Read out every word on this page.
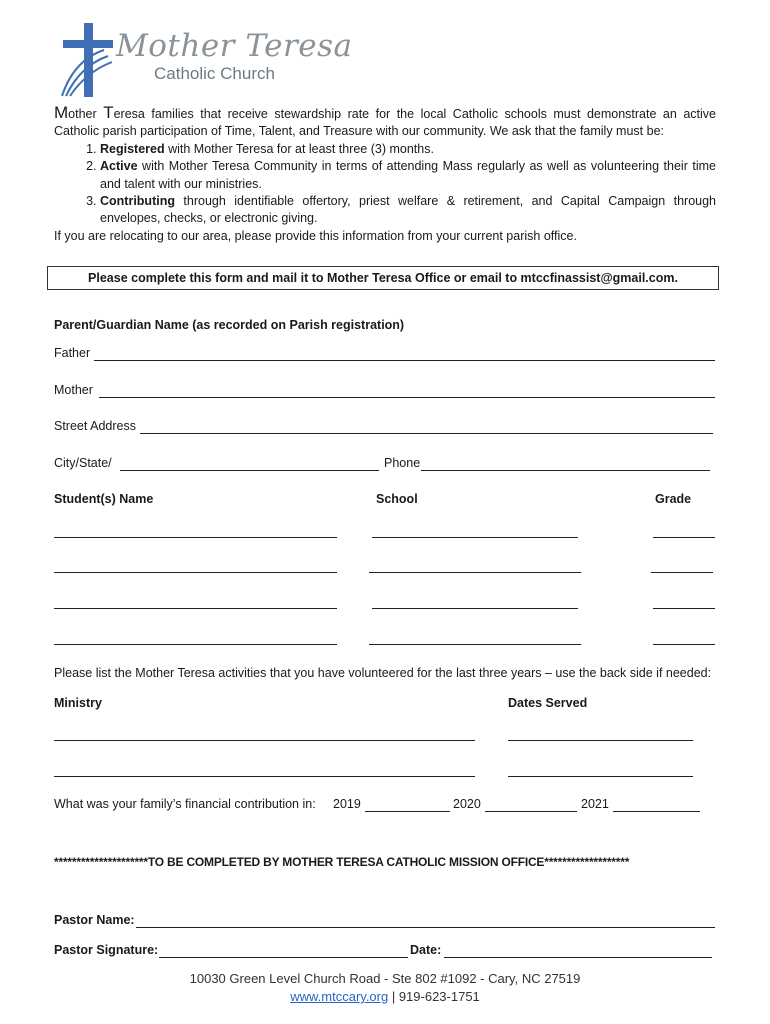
Mother Teresa
Catholic Church

Mother Teresa families that receive stewardship rate for the local Catholic schools must demonstrate an active Catholic parish participation of Time, Talent, and Treasure with our community. We ask that the family must be:

1. Registered with Mother Teresa for at least three (3) months.
2. Active with Mother Teresa Community in terms of attending Mass regularly as well as volunteering their time and talent with our ministries.
3. Contributing through identifiable offertory, priest welfare & retirement, and Capital Campaign through envelopes, checks, or electronic giving.

If you are relocating to our area, please provide this information from your current parish office.

Please complete this form and mail it to Mother Teresa Office or email to mtccfinassist@gmail.com.
Parent/Guardian Name (as recorded on Parish registration)
Father
Mother
Street Address
City/State/	Phone
Student(s) Name	School	Grade
Please list the Mother Teresa activities that you have volunteered for the last three years – use the back side if needed:
Ministry	Dates Served
What was your family’s financial contribution in: 2019	2020	2021
*********************TO BE COMPLETED BY MOTHER TERESA CATHOLIC MISSION OFFICE*******************
Pastor Name:
Pastor Signature:	Date:
10030 Green Level Church Road - Ste 802 #1092 - Cary, NC 27519
www.mtccary.org | 919-623-1751
